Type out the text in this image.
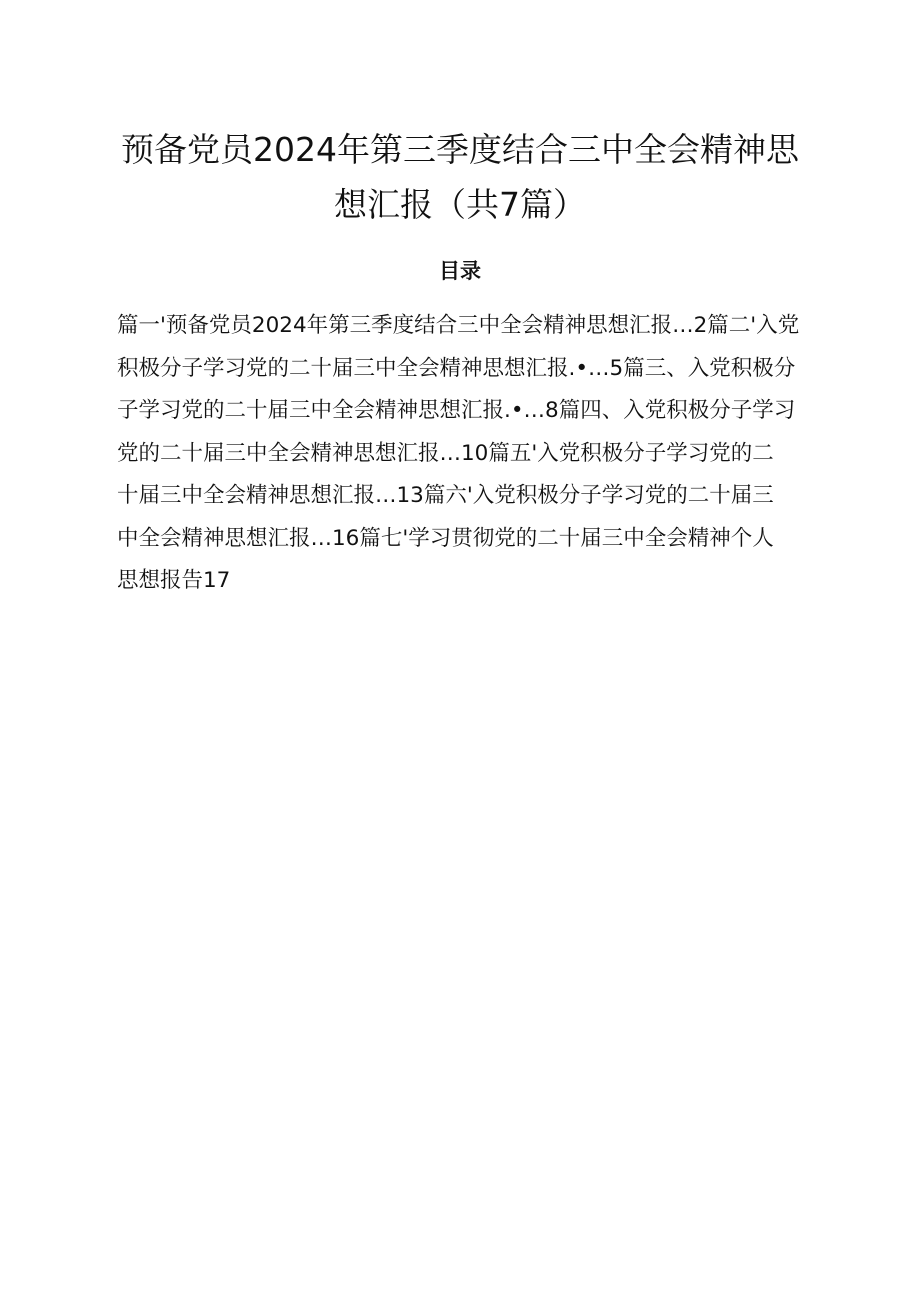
预备党员2024年第三季度结合三中全会精神思
想汇报（共7篇）
目录
篇一'预备党员2024年第三季度结合三中全会精神思想汇报…2篇二'入党
积极分子学习党的二十届三中全会精神思想汇报.•…5篇三、入党积极分
子学习党的二十届三中全会精神思想汇报.•…8篇四、入党积极分子学习
党的二十届三中全会精神思想汇报…10篇五'入党积极分子学习党的二
十届三中全会精神思想汇报…13篇六'入党积极分子学习党的二十届三
中全会精神思想汇报…16篇七'学习贯彻党的二十届三中全会精神个人
思想报告17
